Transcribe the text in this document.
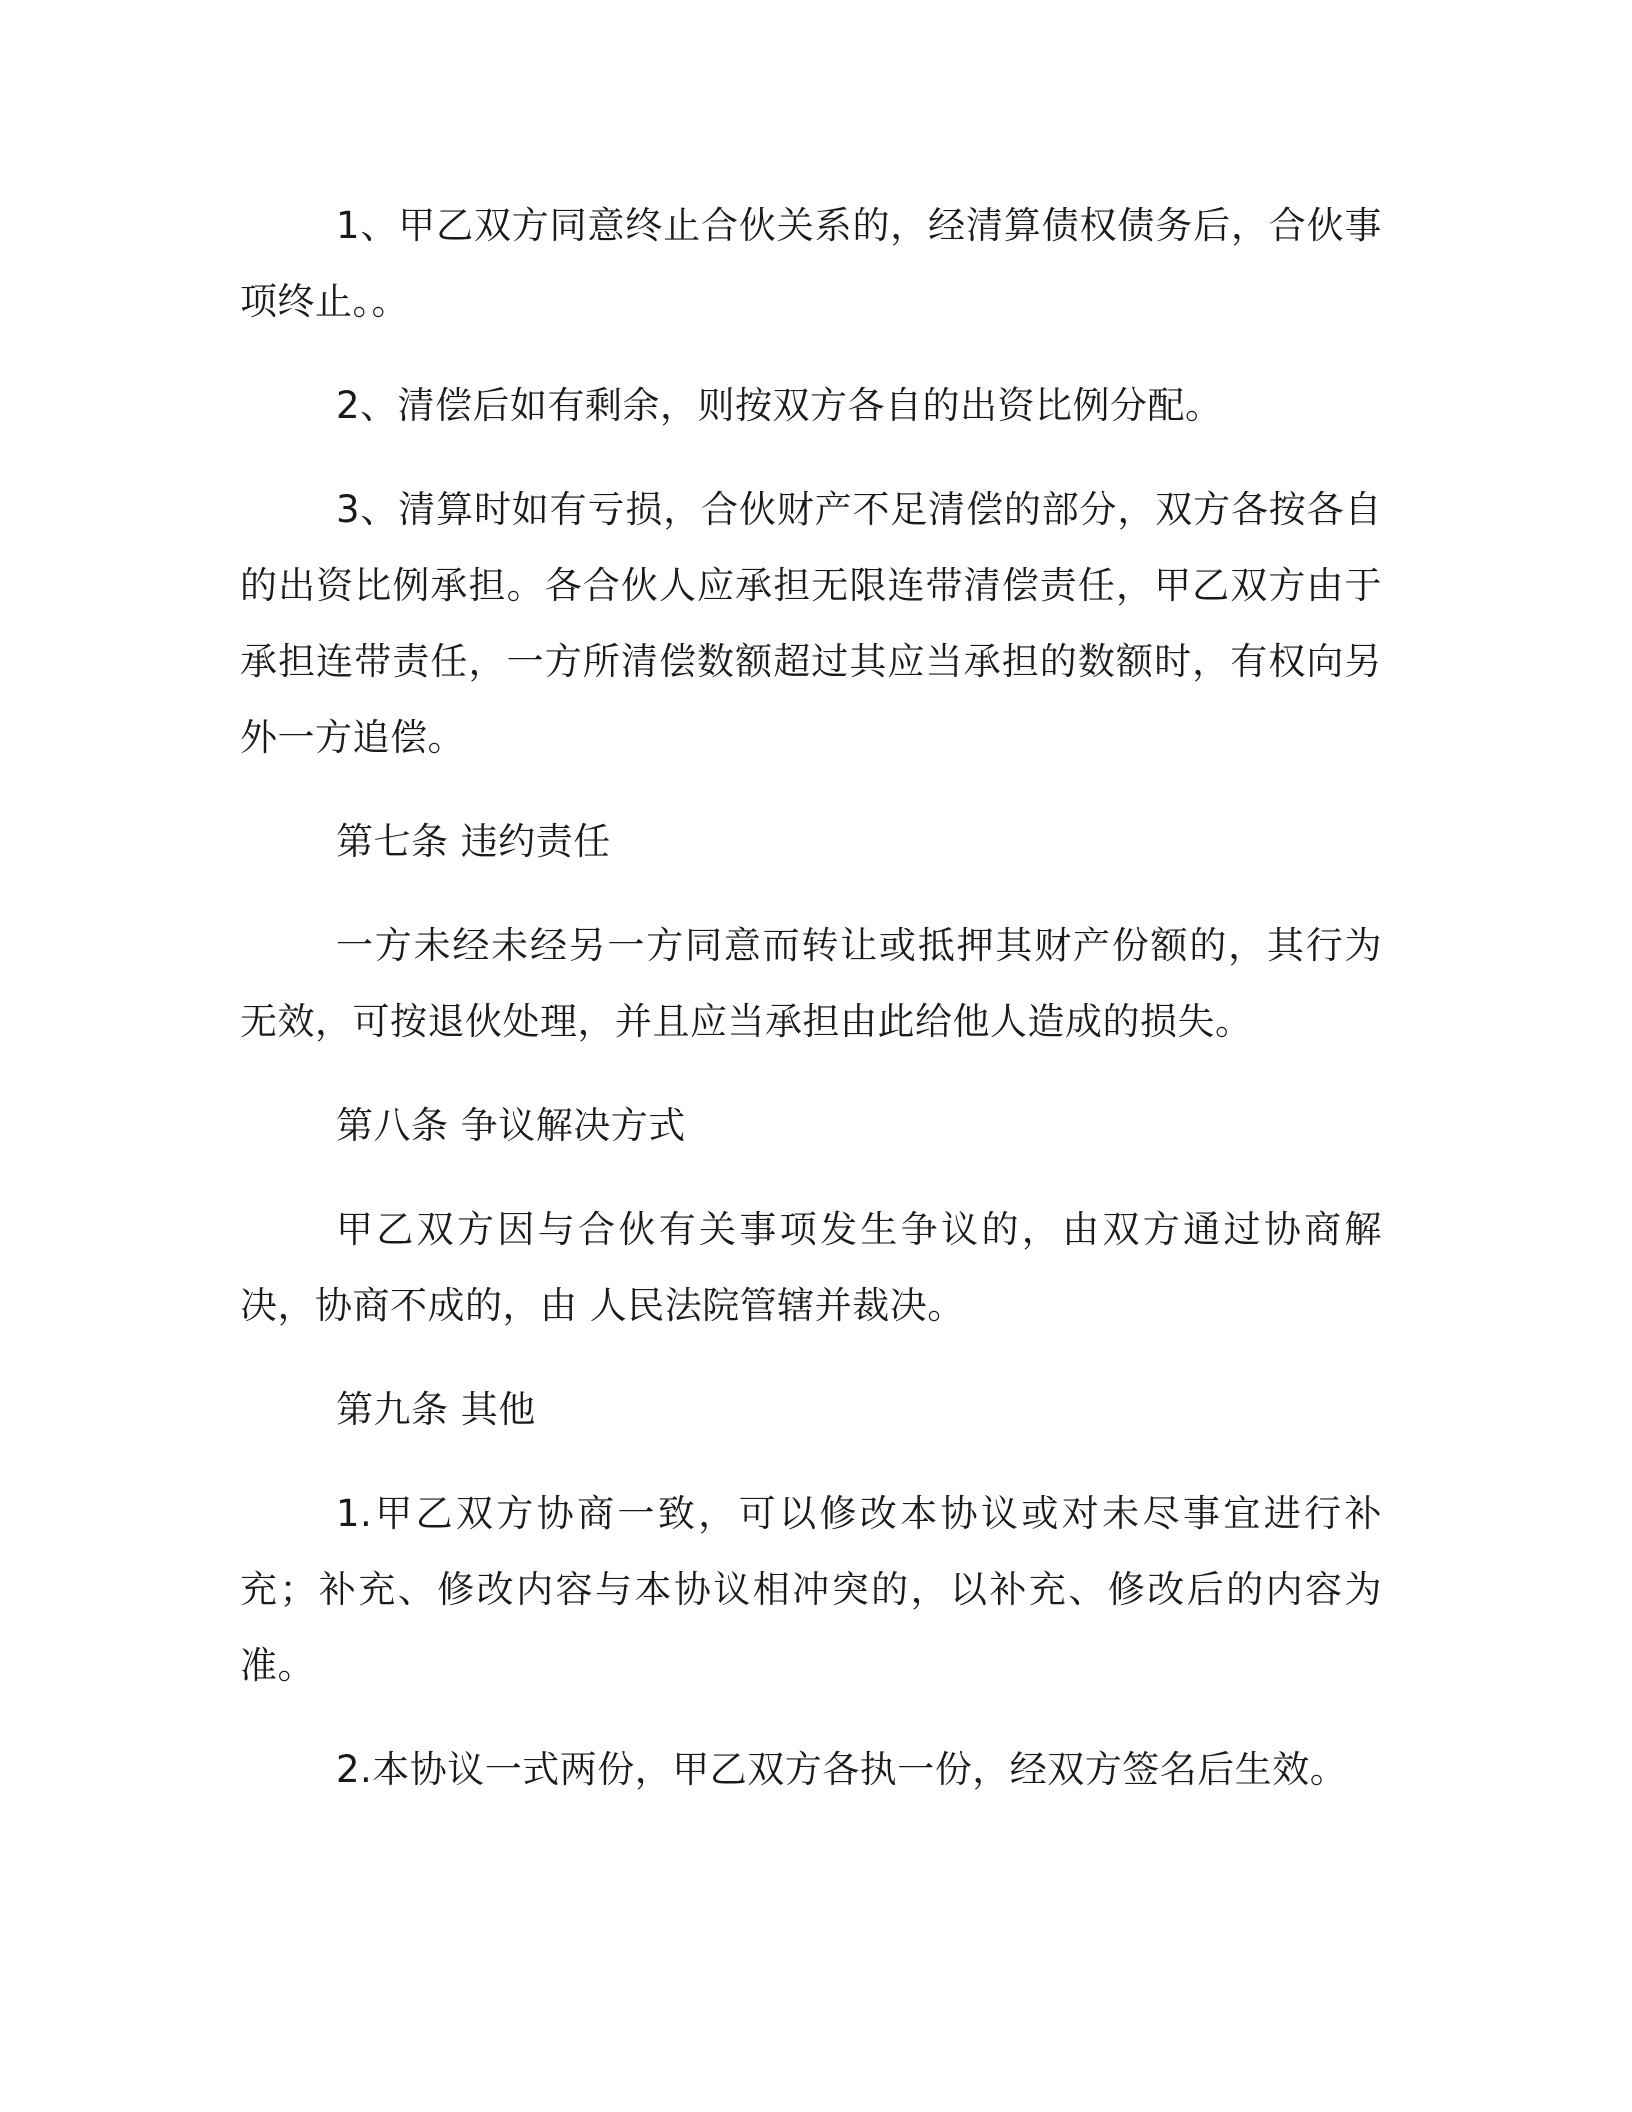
1、甲乙双方同意终止合伙关系的，经清算债权债务后，合伙事项终止。。

2、清偿后如有剩余，则按双方各自的出资比例分配。

3、清算时如有亏损，合伙财产不足清偿的部分，双方各按各自的出资比例承担。各合伙人应承担无限连带清偿责任，甲乙双方由于承担连带责任，一方所清偿数额超过其应当承担的数额时，有权向另外一方追偿。

第七条 违约责任

一方未经未经另一方同意而转让或抵押其财产份额的，其行为无效，可按退伙处理，并且应当承担由此给他人造成的损失。

第八条 争议解决方式

甲乙双方因与合伙有关事项发生争议的，由双方通过协商解决，协商不成的，由 人民法院管辖并裁决。

第九条 其他

1.甲乙双方协商一致，可以修改本协议或对未尽事宜进行补充；补充、修改内容与本协议相冲突的，以补充、修改后的内容为准。

2.本协议一式两份，甲乙双方各执一份，经双方签名后生效。
